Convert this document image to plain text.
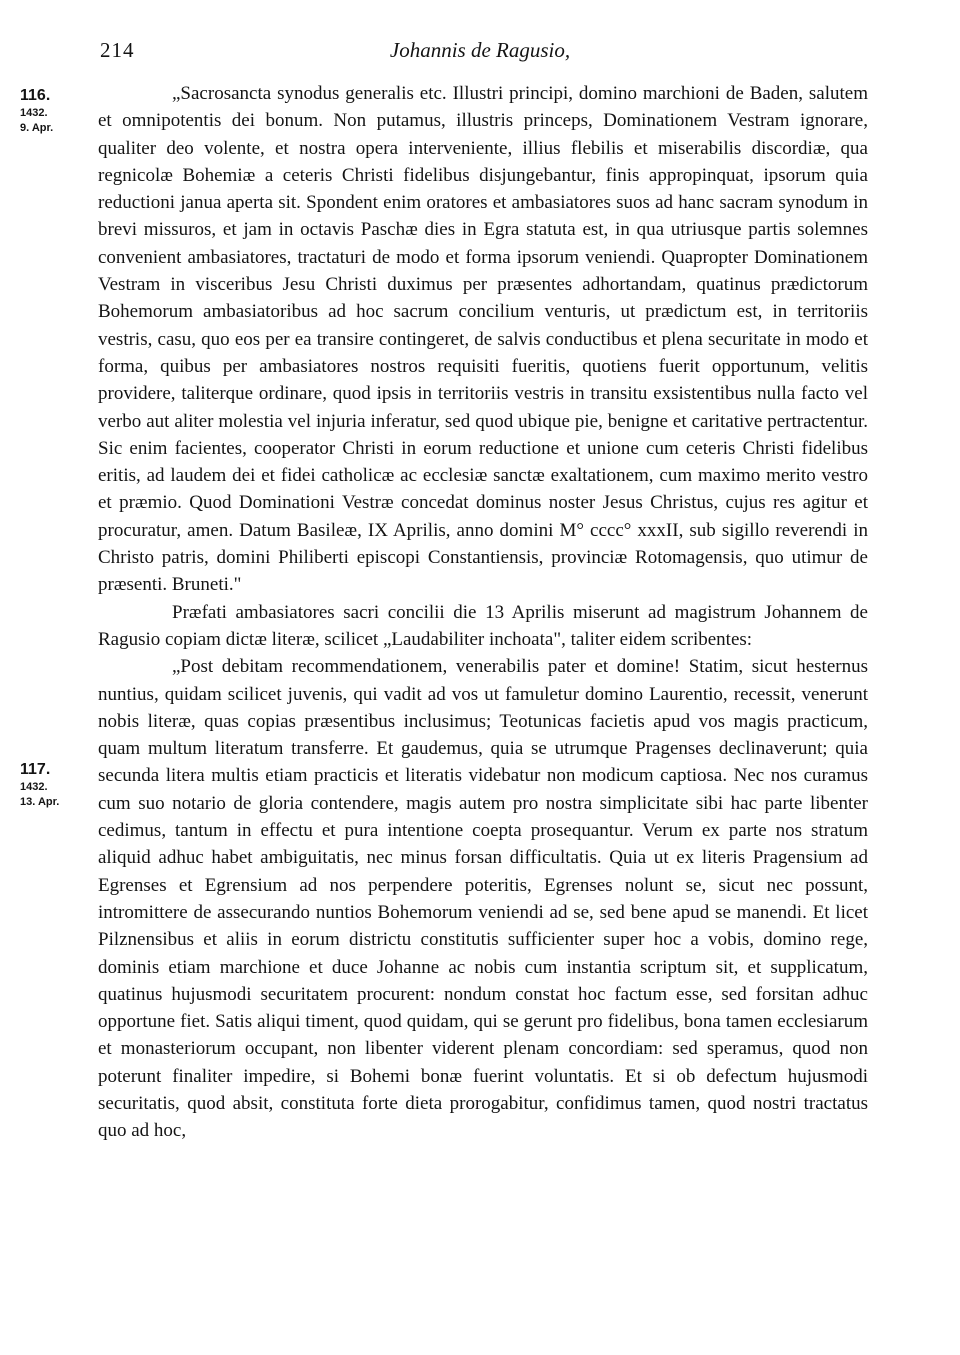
214	Johannis de Ragusio,
116.
1432.
9. Apr.
117.
1432.
13. Apr.

„Sacrosancta synodus generalis etc. Illustri principi, domino marchioni de Baden, salutem et omnipotentis dei bonum. Non putamus, illustris princeps, Dominationem Vestram ignorare, qualiter deo volente, et nostra opera interveniente, illius flebilis et miserabilis discordiæ, qua regnicolæ Bohemiæ a ceteris Christi fidelibus disjungebantur, finis appropinquat, ipsorum quia reductioni janua aperta sit. Spondent enim oratores et ambasiatores suos ad hanc sacram synodum in brevi missuros, et jam in octavis Paschæ dies in Egra statuta est, in qua utriusque partis solemnes convenient ambasiatores, tractaturi de modo et forma ipsorum veniendi. Quapropter Dominationem Vestram in visceribus Jesu Christi duximus per præsentes adhortandam, quatinus prædictorum Bohemorum ambasiatoribus ad hoc sacrum concilium venturis, ut prædictum est, in territoriis vestris, casu, quo eos per ea transire contingeret, de salvis conductibus et plena securitate in modo et forma, quibus per ambasiatores nostros requisiti fueritis, quotiens fuerit opportunum, velitis providere, taliterque ordinare, quod ipsis in territoriis vestris in transitu exsistentibus nulla facto vel verbo aut aliter molestia vel injuria inferatur, sed quod ubique pie, benigne et caritative pertractentur. Sic enim facientes, cooperator Christi in eorum reductione et unione cum ceteris Christi fidelibus eritis, ad laudem dei et fidei catholicæ ac ecclesiæ sanctæ exaltationem, cum maximo merito vestro et præmio. Quod Dominationi Vestræ concedat dominus noster Jesus Christus, cujus res agitur et procuratur, amen. Datum Basileæ, IX Aprilis, anno domini M° cccc° xxxII, sub sigillo reverendi in Christo patris, domini Philiberti episcopi Constantiensis, provinciæ Rotomagensis, quo utimur de præsenti. Bruneti."

Præfati ambasiatores sacri concilii die 13 Aprilis miserunt ad magistrum Johannem de Ragusio copiam dictæ literæ, scilicet „Laudabiliter inchoata", taliter eidem scribentes:

„Post debitam recommendationem, venerabilis pater et domine! Statim, sicut hesternus nuntius, quidam scilicet juvenis, qui vadit ad vos ut famuletur domino Laurentio, recessit, venerunt nobis literæ, quas copias præsentibus inclusimus; Teotunicas facietis apud vos magis practicum, quam multum literatum transferre. Et gaudemus, quia se utrumque Pragenses declinaverunt; quia secunda litera multis etiam practicis et literatis videbatur non modicum captiosa. Nec nos curamus cum suo notario de gloria contendere, magis autem pro nostra simplicitate sibi hac parte libenter cedimus, tantum in effectu et pura intentione coepta prosequantur. Verum ex parte nos stratum aliquid adhuc habet ambiguitatis, nec minus forsan difficultatis. Quia ut ex literis Pragensium ad Egrenses et Egrensium ad nos perpendere poteritis, Egrenses nolunt se, sicut nec possunt, intromittere de assecurando nuntios Bohemorum veniendi ad se, sed bene apud se manendi. Et licet Pilznensibus et aliis in eorum districtu constitutis sufficienter super hoc a vobis, domino rege, dominis etiam marchione et duce Johanne ac nobis cum instantia scriptum sit, et supplicatum, quatinus hujusmodi securitatem procurent: nondum constat hoc factum esse, sed forsitan adhuc opportune fiet. Satis aliqui timent, quod quidam, qui se gerunt pro fidelibus, bona tamen ecclesiarum et monasteriorum occupant, non libenter viderent plenam concordiam: sed speramus, quod non poterunt finaliter impedire, si Bohemi bonæ fuerint voluntatis. Et si ob defectum hujusmodi securitatis, quod absit, constituta forte dieta prorogabitur, confidimus tamen, quod nostri tractatus quo ad hoc,
